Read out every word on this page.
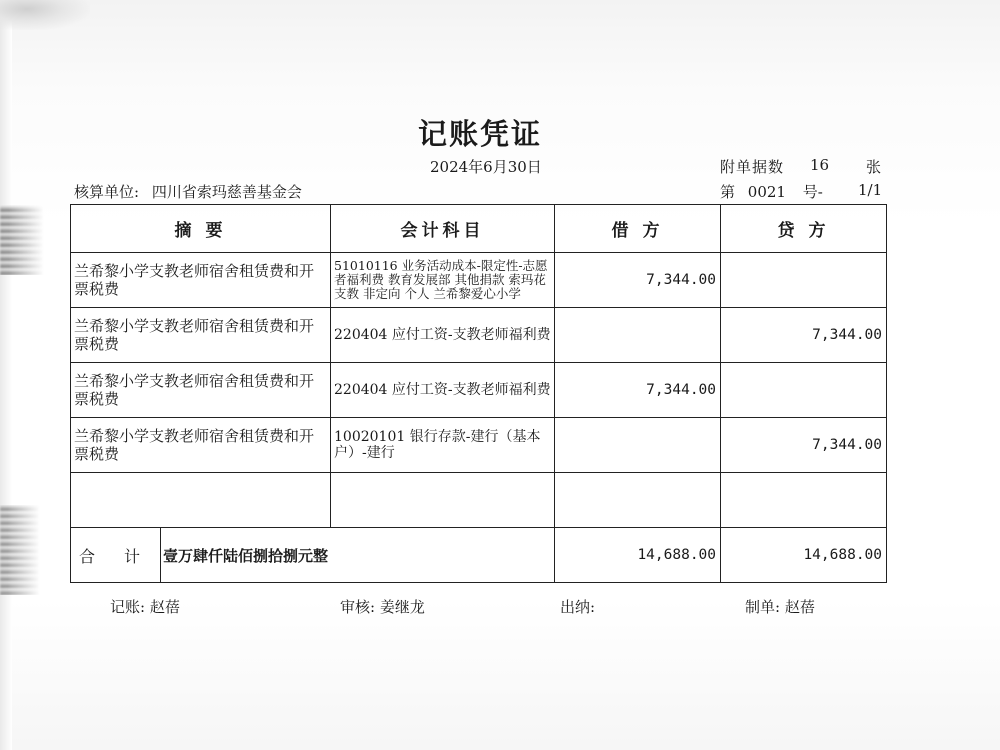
记账凭证
2024年6月30日	附单据数 16 张
核算单位: 四川省索玛慈善基金会	第 0021 号- 1/1
摘 要		会计科目	借 方	贷 方
兰希黎小学支教老师宿舍租赁费和开票税费		51010116 业务活动成本-限定性-志愿者福利费 教育发展部 其他捐款 索玛花支教 非定向 个人 兰希黎爱心小学	7,344.00	
兰希黎小学支教老师宿舍租赁费和开票税费		220404 应付工资-支教老师福利费		7,344.00
兰希黎小学支教老师宿舍租赁费和开票税费		220404 应付工资-支教老师福利费	7,344.00	
兰希黎小学支教老师宿舍租赁费和开票税费		10020101 银行存款-建行（基本户）-建行		7,344.00

合 计	壹万肆仟陆佰捌拾捌元整		14,688.00	14,688.00
记账: 赵蓓	审核: 姜继龙	出纳:	制单: 赵蓓
